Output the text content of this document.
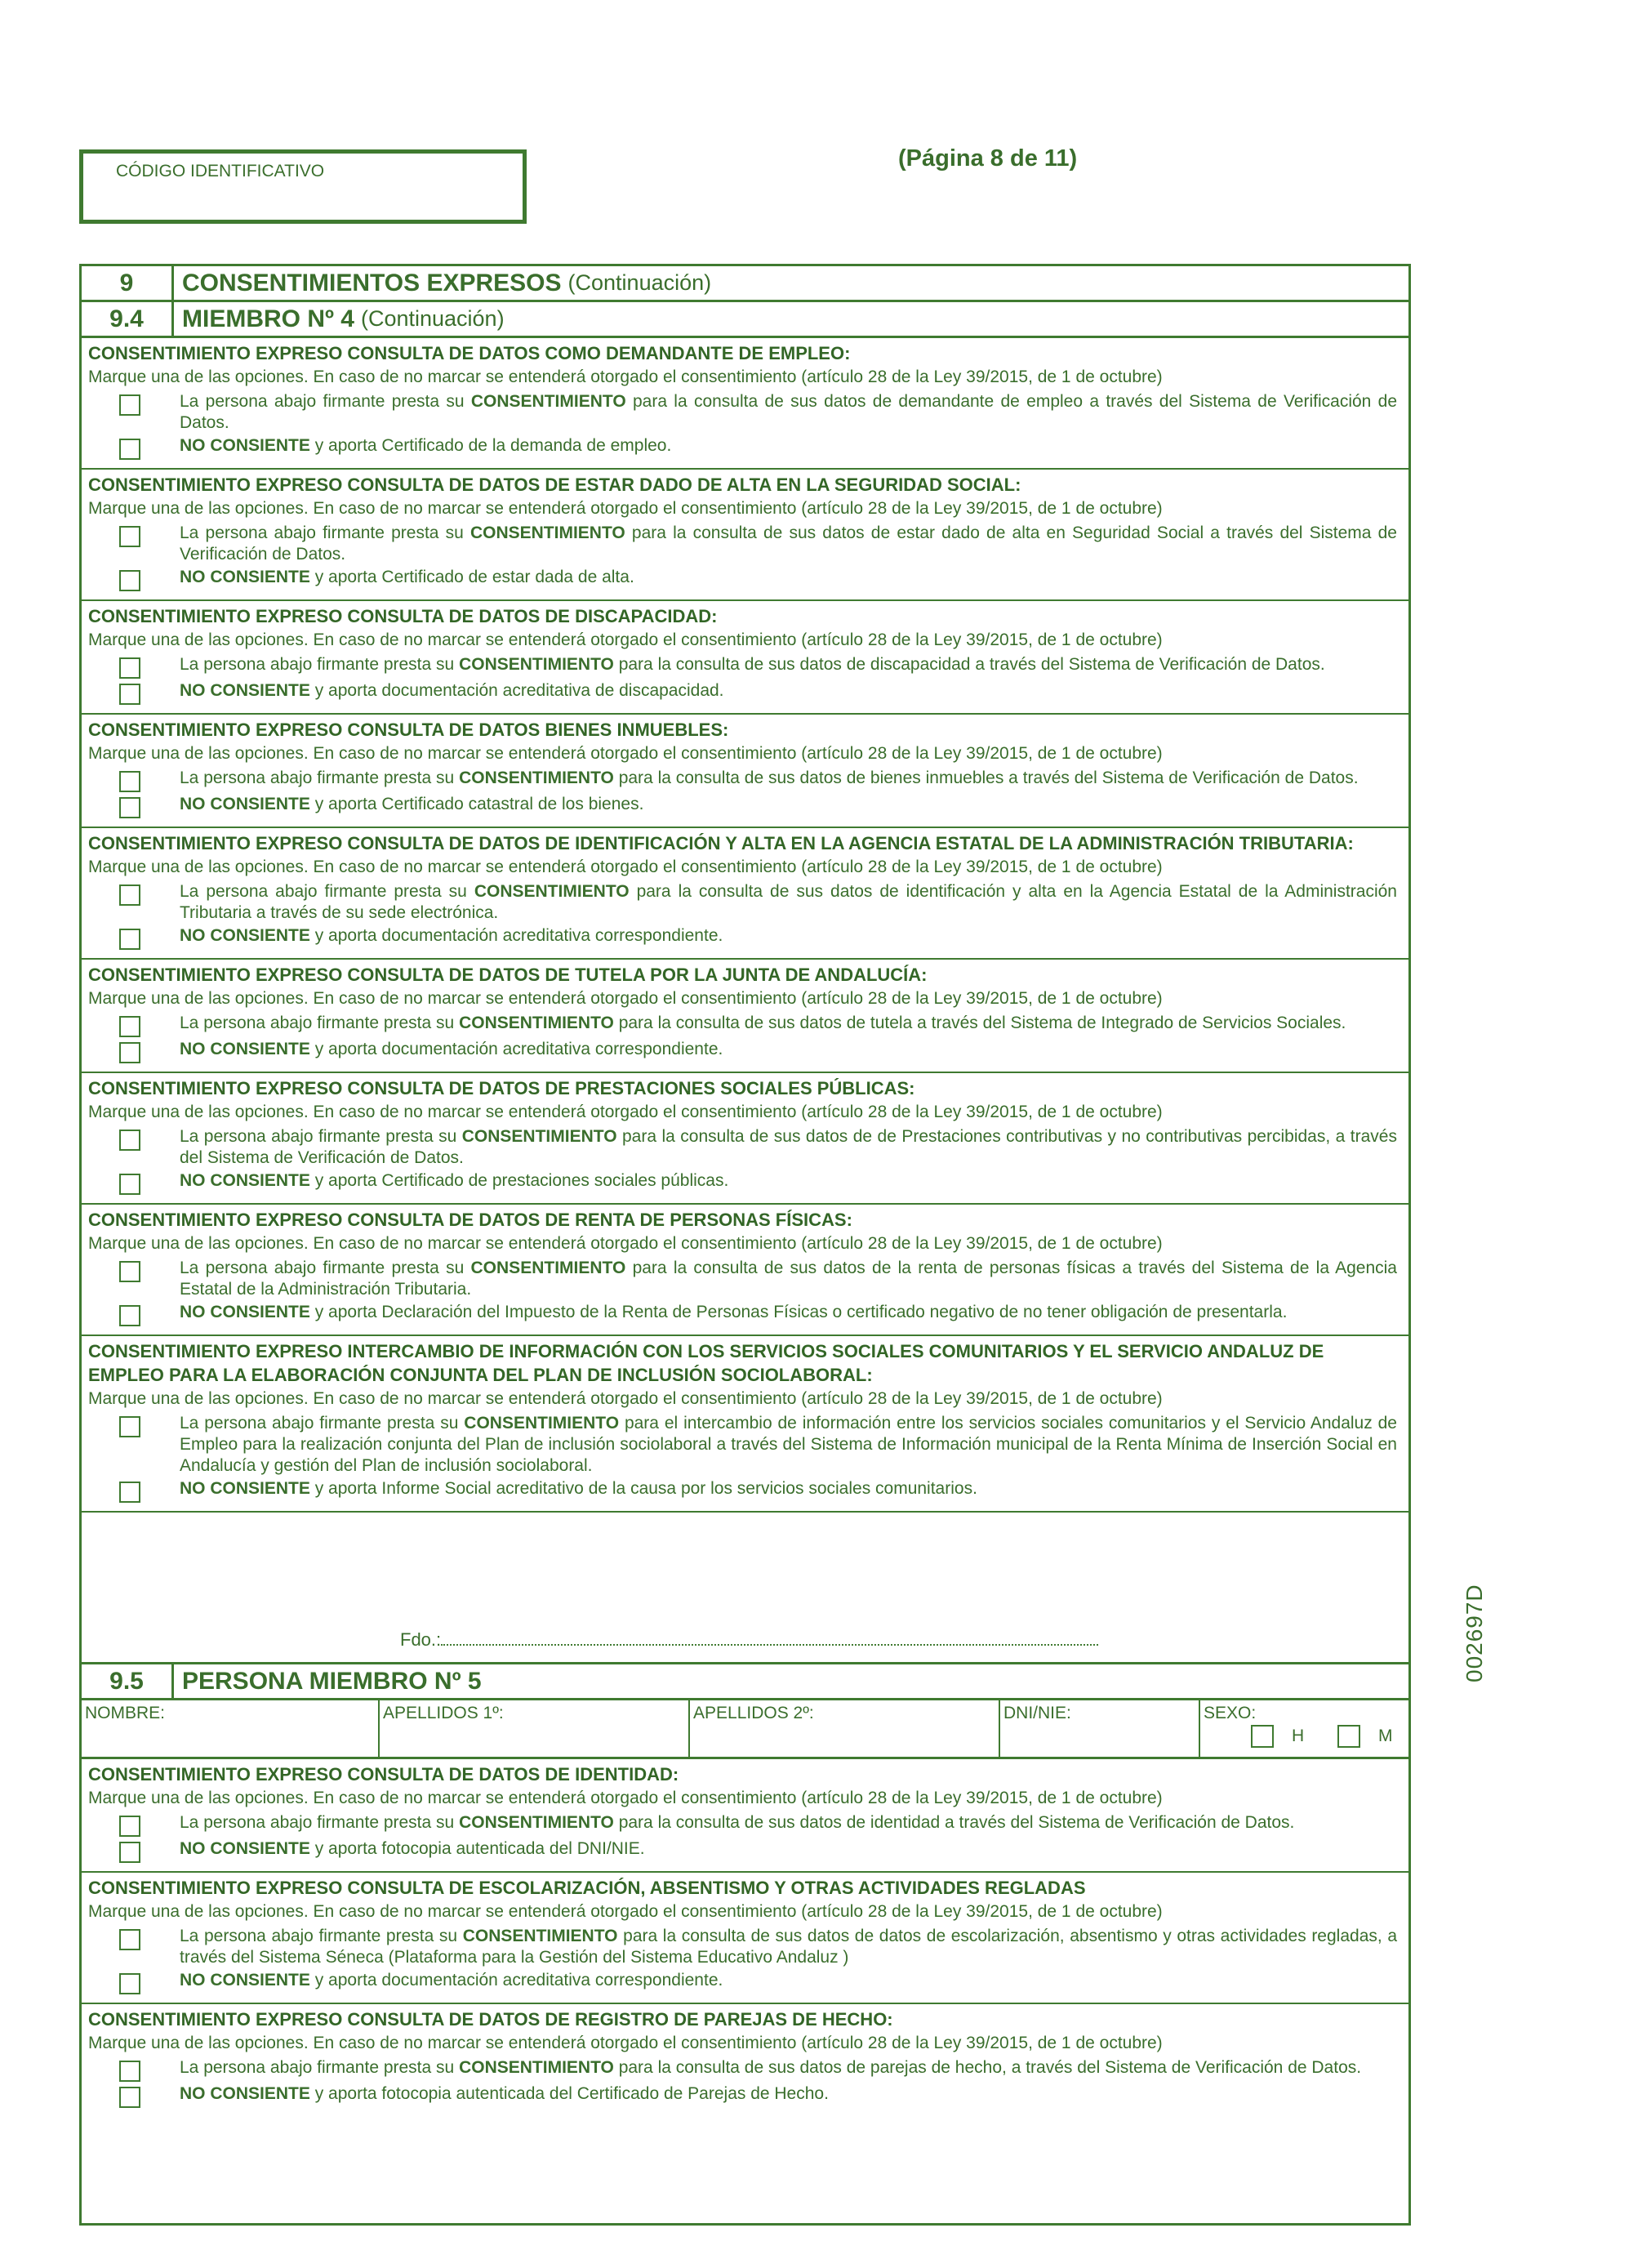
CÓDIGO IDENTIFICATIVO	(Página 8 de 11)
002697D
9	CONSENTIMIENTOS EXPRESOS (Continuación)
9.4	MIEMBRO Nº 4 (Continuación)
CONSENTIMIENTO EXPRESO CONSULTA DE DATOS COMO DEMANDANTE DE EMPLEO:
Marque una de las opciones. En caso de no marcar se entenderá otorgado el consentimiento (artículo 28 de la Ley 39/2015, de 1 de octubre)
La persona abajo firmante presta su CONSENTIMIENTO para la consulta de sus datos de demandante de empleo a través del Sistema de Verificación de Datos.
NO CONSIENTE y aporta Certificado de la demanda de empleo.
CONSENTIMIENTO EXPRESO CONSULTA DE DATOS DE ESTAR DADO DE ALTA EN LA SEGURIDAD SOCIAL:
Marque una de las opciones. En caso de no marcar se entenderá otorgado el consentimiento (artículo 28 de la Ley 39/2015, de 1 de octubre)
La persona abajo firmante presta su CONSENTIMIENTO para la consulta de sus datos de estar dado de alta en Seguridad Social a través del Sistema de Verificación de Datos.
NO CONSIENTE y aporta Certificado de estar dada de alta.
CONSENTIMIENTO EXPRESO CONSULTA DE DATOS DE DISCAPACIDAD:
Marque una de las opciones. En caso de no marcar se entenderá otorgado el consentimiento (artículo 28 de la Ley 39/2015, de 1 de octubre)
La persona abajo firmante presta su CONSENTIMIENTO para la consulta de sus datos de discapacidad a través del Sistema de Verificación de Datos.
NO CONSIENTE y aporta documentación acreditativa de discapacidad.
CONSENTIMIENTO EXPRESO CONSULTA DE DATOS BIENES INMUEBLES:
Marque una de las opciones. En caso de no marcar se entenderá otorgado el consentimiento (artículo 28 de la Ley 39/2015, de 1 de octubre)
La persona abajo firmante presta su CONSENTIMIENTO para la consulta de sus datos de bienes inmuebles a través del Sistema de Verificación de Datos.
NO CONSIENTE y aporta Certificado catastral de los bienes.
CONSENTIMIENTO EXPRESO CONSULTA DE DATOS DE IDENTIFICACIÓN Y ALTA EN LA AGENCIA ESTATAL DE LA ADMINISTRACIÓN TRIBUTARIA:
Marque una de las opciones. En caso de no marcar se entenderá otorgado el consentimiento (artículo 28 de la Ley 39/2015, de 1 de octubre)
La persona abajo firmante presta su CONSENTIMIENTO para la consulta de sus datos de identificación y alta en la Agencia Estatal de la Administración Tributaria a través de su sede electrónica.
NO CONSIENTE y aporta documentación acreditativa correspondiente.
CONSENTIMIENTO EXPRESO CONSULTA DE DATOS DE TUTELA POR LA JUNTA DE ANDALUCÍA:
Marque una de las opciones. En caso de no marcar se entenderá otorgado el consentimiento (artículo 28 de la Ley 39/2015, de 1 de octubre)
La persona abajo firmante presta su CONSENTIMIENTO para la consulta de sus datos de tutela a través del Sistema de Integrado de Servicios Sociales.
NO CONSIENTE y aporta documentación acreditativa correspondiente.
CONSENTIMIENTO EXPRESO CONSULTA DE DATOS DE PRESTACIONES SOCIALES PÚBLICAS:
Marque una de las opciones. En caso de no marcar se entenderá otorgado el consentimiento (artículo 28 de la Ley 39/2015, de 1 de octubre)
La persona abajo firmante presta su CONSENTIMIENTO para la consulta de sus datos de de Prestaciones contributivas y no contributivas percibidas, a través del Sistema de Verificación de Datos.
NO CONSIENTE y aporta Certificado de prestaciones sociales públicas.
CONSENTIMIENTO EXPRESO CONSULTA DE DATOS DE RENTA DE PERSONAS FÍSICAS:
Marque una de las opciones. En caso de no marcar se entenderá otorgado el consentimiento (artículo 28 de la Ley 39/2015, de 1 de octubre)
La persona abajo firmante presta su CONSENTIMIENTO para la consulta de sus datos de la renta de personas físicas a través del Sistema de la Agencia Estatal de la Administración Tributaria.
NO CONSIENTE y aporta Declaración del Impuesto de la Renta de Personas Físicas o certificado negativo de no tener obligación de presentarla.
CONSENTIMIENTO EXPRESO INTERCAMBIO DE INFORMACIÓN CON LOS SERVICIOS SOCIALES COMUNITARIOS Y EL SERVICIO ANDALUZ DE EMPLEO PARA LA ELABORACIÓN CONJUNTA DEL PLAN DE INCLUSIÓN SOCIOLABORAL:
Marque una de las opciones. En caso de no marcar se entenderá otorgado el consentimiento (artículo 28 de la Ley 39/2015, de 1 de octubre)
La persona abajo firmante presta su CONSENTIMIENTO para el intercambio de información entre los servicios sociales comunitarios y el Servicio Andaluz de Empleo para la realización conjunta del Plan de inclusión sociolaboral a través del Sistema de Información municipal de la Renta Mínima de Inserción Social en Andalucía y gestión del Plan de inclusión sociolaboral.
NO CONSIENTE y aporta Informe Social acreditativo de la causa por los servicios sociales comunitarios.
Fdo.:
9.5	PERSONA MIEMBRO Nº 5
NOMBRE:	APELLIDOS 1º:	APELLIDOS 2º:	DNI/NIE:	SEXO:
H	M
CONSENTIMIENTO EXPRESO CONSULTA DE DATOS DE IDENTIDAD:
Marque una de las opciones. En caso de no marcar se entenderá otorgado el consentimiento (artículo 28 de la Ley 39/2015, de 1 de octubre)
La persona abajo firmante presta su CONSENTIMIENTO para la consulta de sus datos de identidad a través del Sistema de Verificación de Datos.
NO CONSIENTE y aporta fotocopia autenticada del DNI/NIE.
CONSENTIMIENTO EXPRESO CONSULTA DE ESCOLARIZACIÓN, ABSENTISMO Y OTRAS ACTIVIDADES REGLADAS
Marque una de las opciones. En caso de no marcar se entenderá otorgado el consentimiento (artículo 28 de la Ley 39/2015, de 1 de octubre)
La persona abajo firmante presta su CONSENTIMIENTO para la consulta de sus datos de datos de escolarización, absentismo y otras actividades regladas, a través del Sistema Séneca (Plataforma para la Gestión del Sistema Educativo Andaluz )
NO CONSIENTE y aporta documentación acreditativa correspondiente.
CONSENTIMIENTO EXPRESO CONSULTA DE DATOS DE REGISTRO DE PAREJAS DE HECHO:
Marque una de las opciones. En caso de no marcar se entenderá otorgado el consentimiento (artículo 28 de la Ley 39/2015, de 1 de octubre)
La persona abajo firmante presta su CONSENTIMIENTO para la consulta de sus datos de parejas de hecho, a través del Sistema de Verificación de Datos.
NO CONSIENTE y aporta fotocopia autenticada del Certificado de Parejas de Hecho.
